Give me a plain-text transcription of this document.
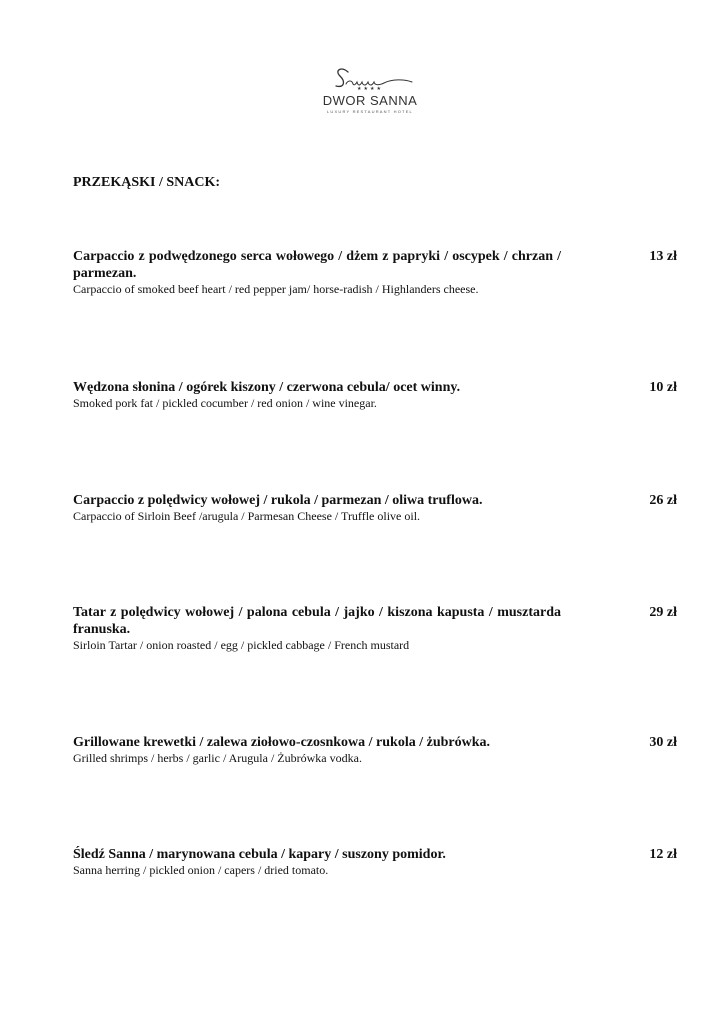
★★★★
DWOR SANNA
LUXURY RESTAURANT HOTEL
PRZEKĄSKI / SNACK:
Carpaccio z podwędzonego serca wołowego / dżem z papryki / oscypek / chrzan / parmezan.
Carpaccio of smoked beef heart / red pepper jam/ horse-radish / Highlanders cheese.
13 zł
Wędzona słonina / ogórek kiszony / czerwona cebula/ ocet winny.
Smoked pork fat / pickled cocumber / red onion / wine vinegar.
10 zł
Carpaccio z polędwicy wołowej / rukola / parmezan / oliwa truflowa.
Carpaccio of Sirloin Beef /arugula / Parmesan Cheese / Truffle olive oil.
26 zł
Tatar z polędwicy wołowej / palona cebula / jajko / kiszona kapusta / musztarda franuska.
Sirloin Tartar / onion roasted / egg / pickled cabbage / French mustard
29 zł
Grillowane krewetki / zalewa ziołowo-czosnkowa / rukola / żubrówka.
Grilled shrimps / herbs / garlic / Arugula / Żubrówka vodka.
30 zł
Śledź Sanna / marynowana cebula / kapary / suszony pomidor.
Sanna herring / pickled onion / capers / dried tomato.
12 zł
